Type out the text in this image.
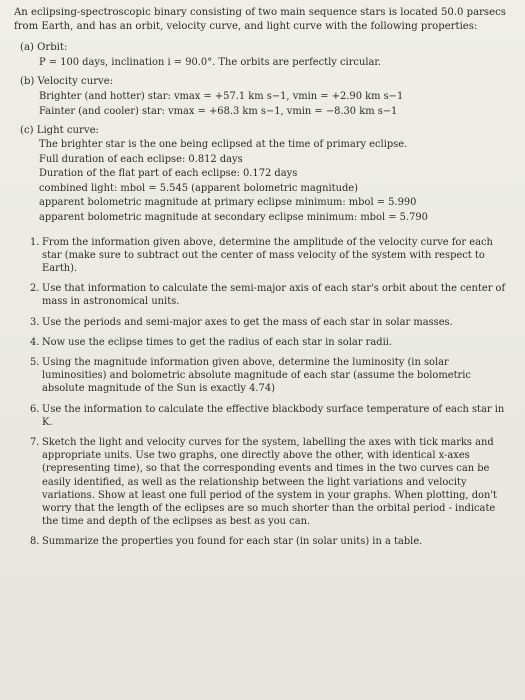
An eclipsing-spectroscopic binary consisting of two main sequence stars is located 50.0 parsecs from Earth, and has an orbit, velocity curve, and light curve with the following properties:

(a) Orbit:
P = 100 days, inclination i = 90.0°. The orbits are perfectly circular.
(b) Velocity curve:
Brighter (and hotter) star: vmax = +57.1 km s−1, vmin = +2.90 km s−1
Fainter (and cooler) star: vmax = +68.3 km s−1, vmin = −8.30 km s−1
(c) Light curve:
The brighter star is the one being eclipsed at the time of primary eclipse.
Full duration of each eclipse: 0.812 days
Duration of the flat part of each eclipse: 0.172 days
combined light: mbol = 5.545 (apparent bolometric magnitude)
apparent bolometric magnitude at primary eclipse minimum: mbol = 5.990
apparent bolometric magnitude at secondary eclipse minimum: mbol = 5.790
1. From the information given above, determine the amplitude of the velocity curve for each star (make sure to subtract out the center of mass velocity of the system with respect to Earth).
2. Use that information to calculate the semi-major axis of each star's orbit about the center of mass in astronomical units.
3. Use the periods and semi-major axes to get the mass of each star in solar masses.
4. Now use the eclipse times to get the radius of each star in solar radii.
5. Using the magnitude information given above, determine the luminosity (in solar luminosities) and bolometric absolute magnitude of each star (assume the bolometric absolute magnitude of the Sun is exactly 4.74)
6. Use the information to calculate the effective blackbody surface temperature of each star in K.
7. Sketch the light and velocity curves for the system, labelling the axes with tick marks and appropriate units. Use two graphs, one directly above the other, with identical x-axes (representing time), so that the corresponding events and times in the two curves can be easily identified, as well as the relationship between the light variations and velocity variations. Show at least one full period of the system in your graphs. When plotting, don't worry that the length of the eclipses are so much shorter than the orbital period - indicate the time and depth of the eclipses as best as you can.
8. Summarize the properties you found for each star (in solar units) in a table.
